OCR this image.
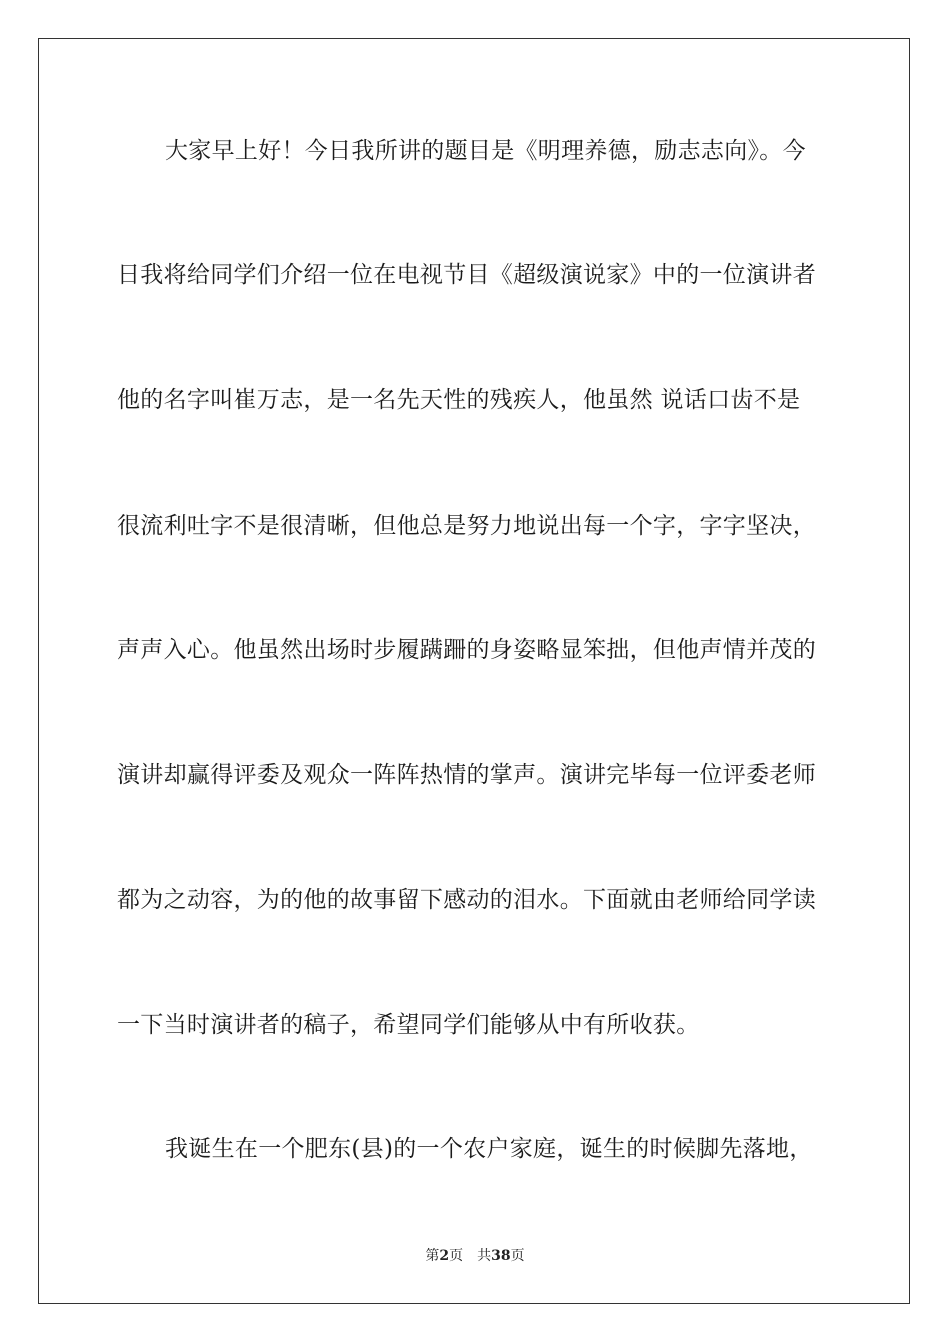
大家早上好！今日我所讲的题目是《明理养德，励志志向》。今
日我将给同学们介绍一位在电视节目《超级演说家》中的一位演讲者
他的名字叫崔万志，是一名先天性的残疾人，他虽然 说话口齿不是
很流利吐字不是很清晰，但他总是努力地说出每一个字，字字坚决，
声声入心。他虽然出场时步履蹒跚的身姿略显笨拙，但他声情并茂的
演讲却赢得评委及观众一阵阵热情的掌声。演讲完毕每一位评委老师
都为之动容，为的他的故事留下感动的泪水。下面就由老师给同学读
一下当时演讲者的稿子，希望同学们能够从中有所收获。
我诞生在一个肥东(县)的一个农户家庭，诞生的时候脚先落地，
第2页 共38页
